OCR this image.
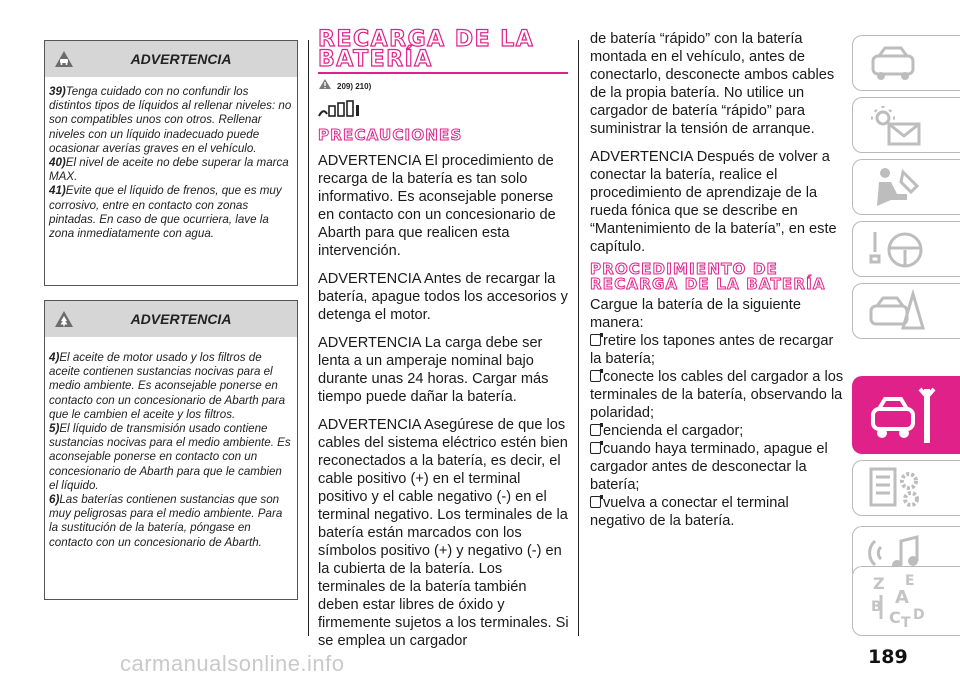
ADVERTENCIA

39)Tenga cuidado con no confundir los distintos tipos de líquidos al rellenar niveles: no son compatibles unos con otros. Rellenar niveles con un líquido inadecuado puede ocasionar averías graves en el vehículo.

40)El nivel de aceite no debe superar la marca MAX.

41)Evite que el líquido de frenos, que es muy corrosivo, entre en contacto con zonas pintadas. En caso de que ocurriera, lave la zona inmediatamente con agua.

ADVERTENCIA

4)El aceite de motor usado y los filtros de aceite contienen sustancias nocivas para el medio ambiente. Es aconsejable ponerse en contacto con un concesionario de Abarth para que le cambien el aceite y los filtros.

5)El líquido de transmisión usado contiene sustancias nocivas para el medio ambiente. Es aconsejable ponerse en contacto con un concesionario de Abarth para que le cambien el líquido.

6)Las baterías contienen sustancias que son muy peligrosas para el medio ambiente. Para la sustitución de la batería, póngase en contacto con un concesionario de Abarth.

RECARGA DE LA
BATERÍA
209) 210)
PRECAUCIONES

ADVERTENCIA El procedimiento de recarga de la batería es tan solo informativo. Es aconsejable ponerse en contacto con un concesionario de Abarth para que realicen esta intervención.

ADVERTENCIA Antes de recargar la batería, apague todos los accesorios y detenga el motor.

ADVERTENCIA La carga debe ser lenta a un amperaje nominal bajo durante unas 24 horas. Cargar más tiempo puede dañar la batería.

ADVERTENCIA Asegúrese de que los cables del sistema eléctrico estén bien reconectados a la batería, es decir, el cable positivo (+) en el terminal positivo y el cable negativo (-) en el terminal negativo. Los terminales de la batería están marcados con los símbolos positivo (+) y negativo (-) en la cubierta de la batería. Los terminales de la batería también deben estar libres de óxido y firmemente sujetos a los terminales. Si se emplea un cargador

de batería “rápido” con la batería montada en el vehículo, antes de conectarlo, desconecte ambos cables de la propia batería. No utilice un cargador de batería “rápido” para suministrar la tensión de arranque.

ADVERTENCIA Después de volver a conectar la batería, realice el procedimiento de aprendizaje de la rueda fónica que se describe en “Mantenimiento de la batería”, en este capítulo.

PROCEDIMIENTO DE
RECARGA DE LA BATERÍA
Cargue la batería de la siguiente manera:
retire los tapones antes de recargar la batería;
conecte los cables del cargador a los terminales de la batería, observando la polaridad;
encienda el cargador;
cuando haya terminado, apague el cargador antes de desconectar la batería;
vuelva a conectar el terminal negativo de la batería.
Z E
A
B
C D
T
189
carmanualsonline.info
